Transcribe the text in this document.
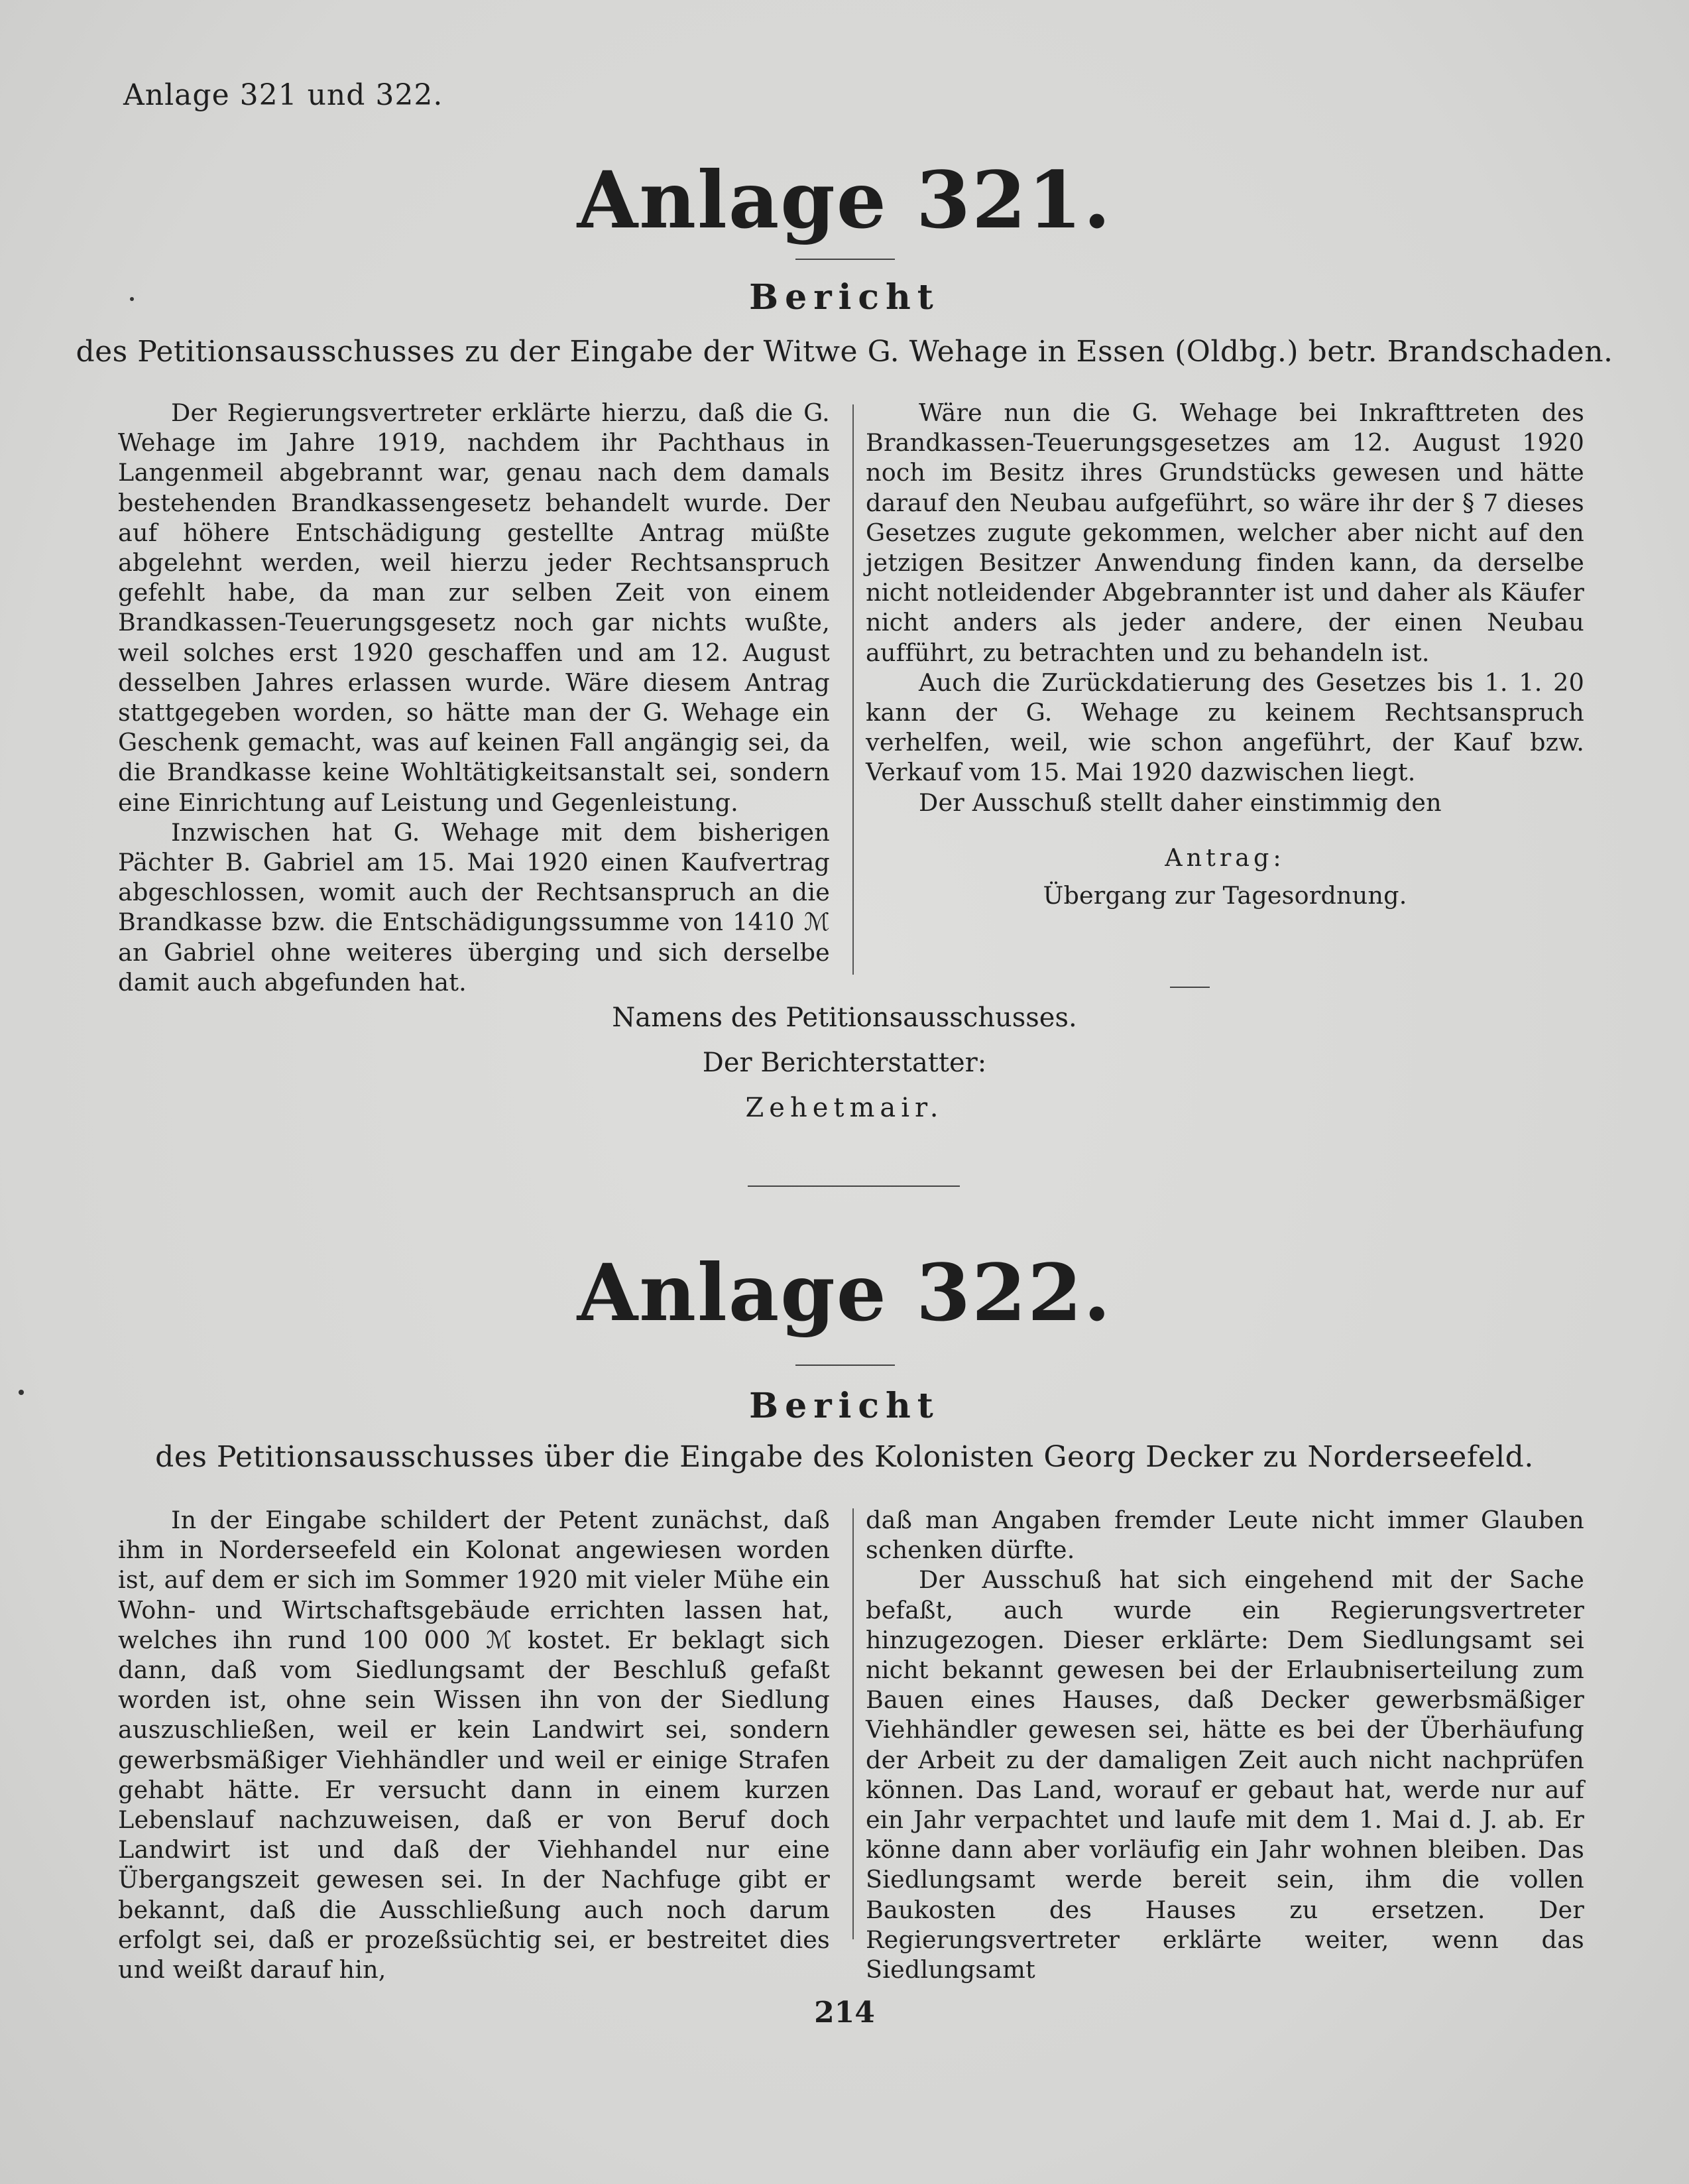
Anlage 321 und 322.
Anlage 321.
Bericht
des Petitionsausschusses zu der Eingabe der Witwe G. Wehage in Essen (Oldbg.) betr. Brandschaden.

Der Regierungsvertreter erklärte hierzu, daß die G. Wehage im Jahre 1919, nachdem ihr Pachthaus in Langenmeil abgebrannt war, genau nach dem damals bestehenden Brandkassengesetz behandelt wurde. Der auf höhere Entschädigung gestellte Antrag müßte abgelehnt werden, weil hierzu jeder Rechtsanspruch gefehlt habe, da man zur selben Zeit von einem Brandkassen-Teuerungsgesetz noch gar nichts wußte, weil solches erst 1920 geschaffen und am 12. August desselben Jahres erlassen wurde. Wäre diesem Antrag stattgegeben worden, so hätte man der G. Wehage ein Geschenk gemacht, was auf keinen Fall angängig sei, da die Brandkasse keine Wohltätigkeitsanstalt sei, sondern eine Einrichtung auf Leistung und Gegenleistung.

Inzwischen hat G. Wehage mit dem bisherigen Pächter B. Gabriel am 15. Mai 1920 einen Kaufvertrag abgeschlossen, womit auch der Rechtsanspruch an die Brandkasse bzw. die Entschädigungssumme von 1410 ℳ an Gabriel ohne weiteres überging und sich derselbe damit auch abgefunden hat.

Wäre nun die G. Wehage bei Inkrafttreten des Brandkassen-Teuerungsgesetzes am 12. August 1920 noch im Besitz ihres Grundstücks gewesen und hätte darauf den Neubau aufgeführt, so wäre ihr der § 7 dieses Gesetzes zugute gekommen, welcher aber nicht auf den jetzigen Besitzer Anwendung finden kann, da derselbe nicht notleidender Abgebrannter ist und daher als Käufer nicht anders als jeder andere, der einen Neubau aufführt, zu betrachten und zu behandeln ist.

Auch die Zurückdatierung des Gesetzes bis 1. 1. 20 kann der G. Wehage zu keinem Rechtsanspruch verhelfen, weil, wie schon angeführt, der Kauf bzw. Verkauf vom 15. Mai 1920 dazwischen liegt.

Der Ausschuß stellt daher einstimmig den

Antrag:

Übergang zur Tagesordnung.

Namens des Petitionsausschusses.
Der Berichterstatter:
Zehetmair.
Anlage 322.
Bericht
des Petitionsausschusses über die Eingabe des Kolonisten Georg Decker zu Norderseefeld.

In der Eingabe schildert der Petent zunächst, daß ihm in Norderseefeld ein Kolonat angewiesen worden ist, auf dem er sich im Sommer 1920 mit vieler Mühe ein Wohn- und Wirtschaftsgebäude errichten lassen hat, welches ihn rund 100 000 ℳ kostet. Er beklagt sich dann, daß vom Siedlungsamt der Beschluß gefaßt worden ist, ohne sein Wissen ihn von der Siedlung auszuschließen, weil er kein Landwirt sei, sondern gewerbsmäßiger Viehhändler und weil er einige Strafen gehabt hätte. Er versucht dann in einem kurzen Lebenslauf nachzuweisen, daß er von Beruf doch Landwirt ist und daß der Viehhandel nur eine Übergangszeit gewesen sei. In der Nachfuge gibt er bekannt, daß die Ausschließung auch noch darum erfolgt sei, daß er prozeßsüchtig sei, er bestreitet dies und weißt darauf hin,

daß man Angaben fremder Leute nicht immer Glauben schenken dürfte.

Der Ausschuß hat sich eingehend mit der Sache befaßt, auch wurde ein Regierungsvertreter hinzugezogen. Dieser erklärte: Dem Siedlungsamt sei nicht bekannt gewesen bei der Erlaubniserteilung zum Bauen eines Hauses, daß Decker gewerbsmäßiger Viehhändler gewesen sei, hätte es bei der Überhäufung der Arbeit zu der damaligen Zeit auch nicht nachprüfen können. Das Land, worauf er gebaut hat, werde nur auf ein Jahr verpachtet und laufe mit dem 1. Mai d. J. ab. Er könne dann aber vorläufig ein Jahr wohnen bleiben. Das Siedlungsamt werde bereit sein, ihm die vollen Baukosten des Hauses zu ersetzen. Der Regierungsvertreter erklärte weiter, wenn das Siedlungsamt

214
